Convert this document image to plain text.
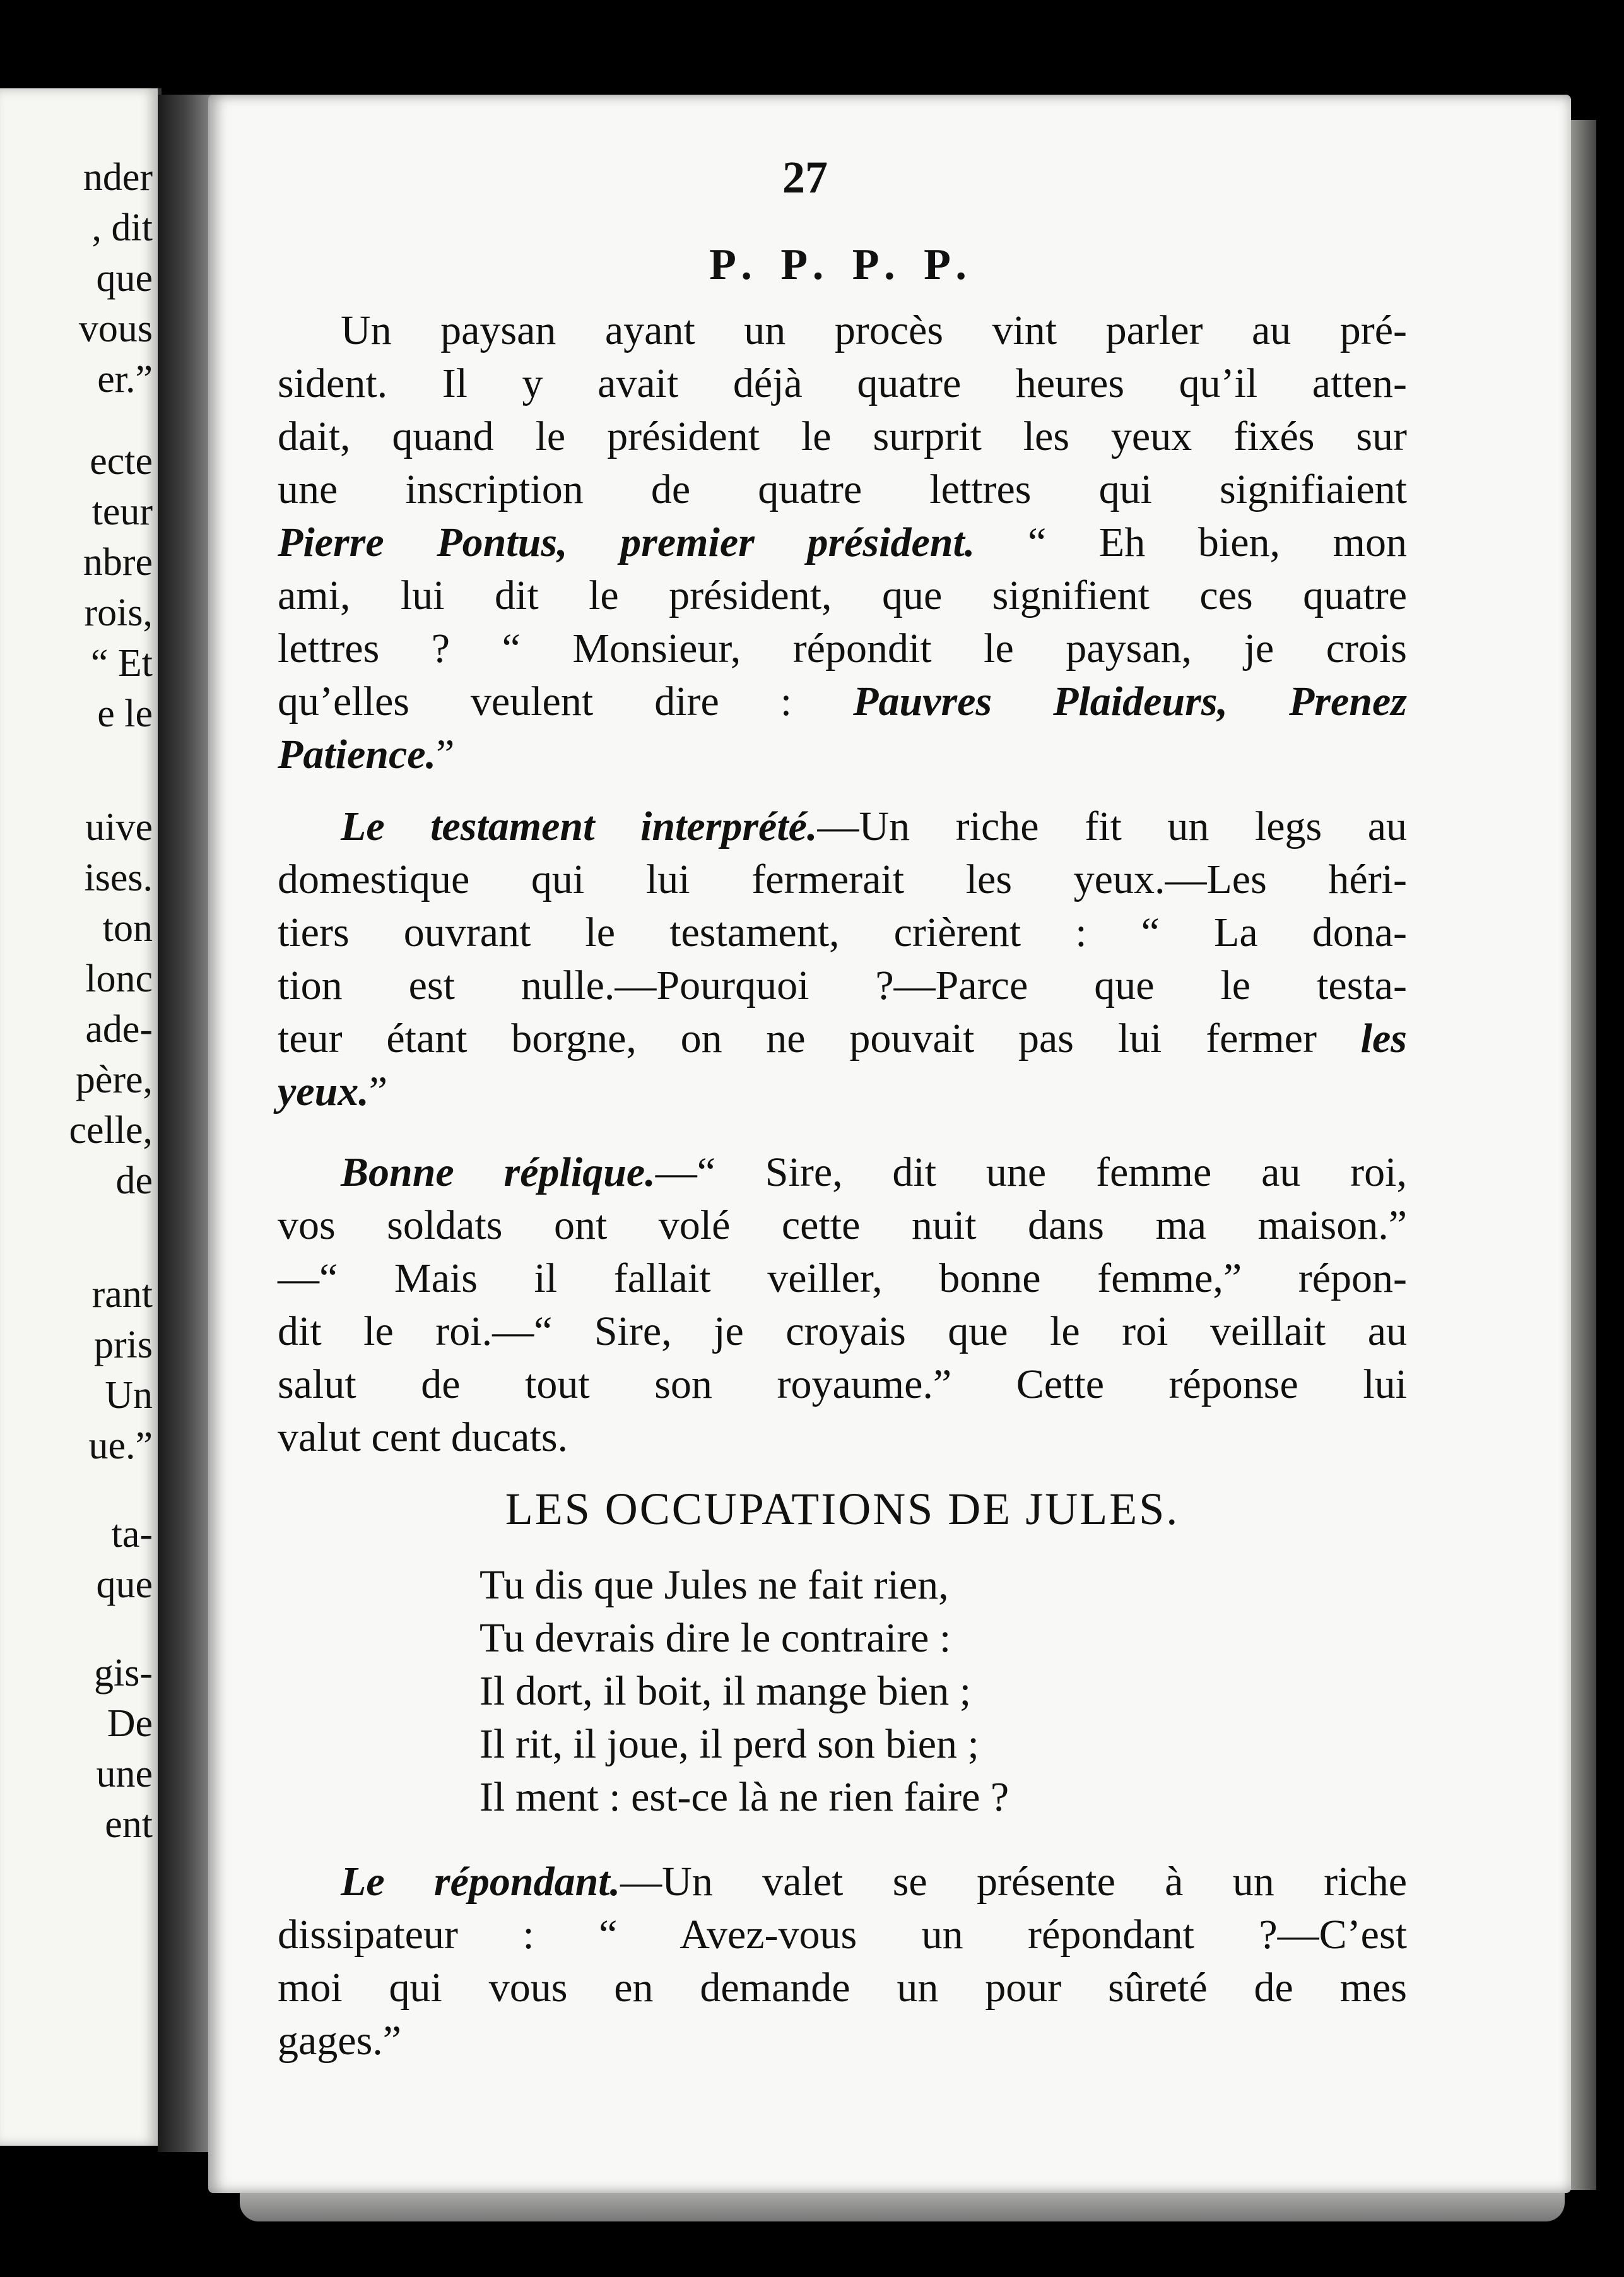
nder
, dit
que
vous
er.”
ecte
teur
nbre
rois,
“ Et
e le
uive
ises.
ton
lonc
ade-
père,
celle,
de
rant
pris
Un
ue.”
ta-
que
gis-
De
une
ent
27
P. P. P. P.
Un paysan ayant un procès vint parler au pré-
sident. Il y avait déjà quatre heures qu’il atten-
dait, quand le président le surprit les yeux fixés sur
une inscription de quatre lettres qui signifiaient
Pierre Pontus, premier président. “ Eh bien, mon
ami, lui dit le président, que signifient ces quatre
lettres ? “ Monsieur, répondit le paysan, je crois
qu’elles veulent dire : Pauvres Plaideurs, Prenez
Patience.”
Le testament interprété.—Un riche fit un legs au
domestique qui lui fermerait les yeux.—Les héri-
tiers ouvrant le testament, crièrent : “ La dona-
tion est nulle.—Pourquoi ?—Parce que le testa-
teur étant borgne, on ne pouvait pas lui fermer les
yeux.”
Bonne réplique.—“ Sire, dit une femme au roi,
vos soldats ont volé cette nuit dans ma maison.”
—“ Mais il fallait veiller, bonne femme,” répon-
dit le roi.—“ Sire, je croyais que le roi veillait au
salut de tout son royaume.” Cette réponse lui
valut cent ducats.
LES OCCUPATIONS DE JULES.
Tu dis que Jules ne fait rien,
Tu devrais dire le contraire :
Il dort, il boit, il mange bien ;
Il rit, il joue, il perd son bien ;
Il ment : est-ce là ne rien faire ?
Le répondant.—Un valet se présente à un riche
dissipateur : “ Avez-vous un répondant ?—C’est
moi qui vous en demande un pour sûreté de mes
gages.”
